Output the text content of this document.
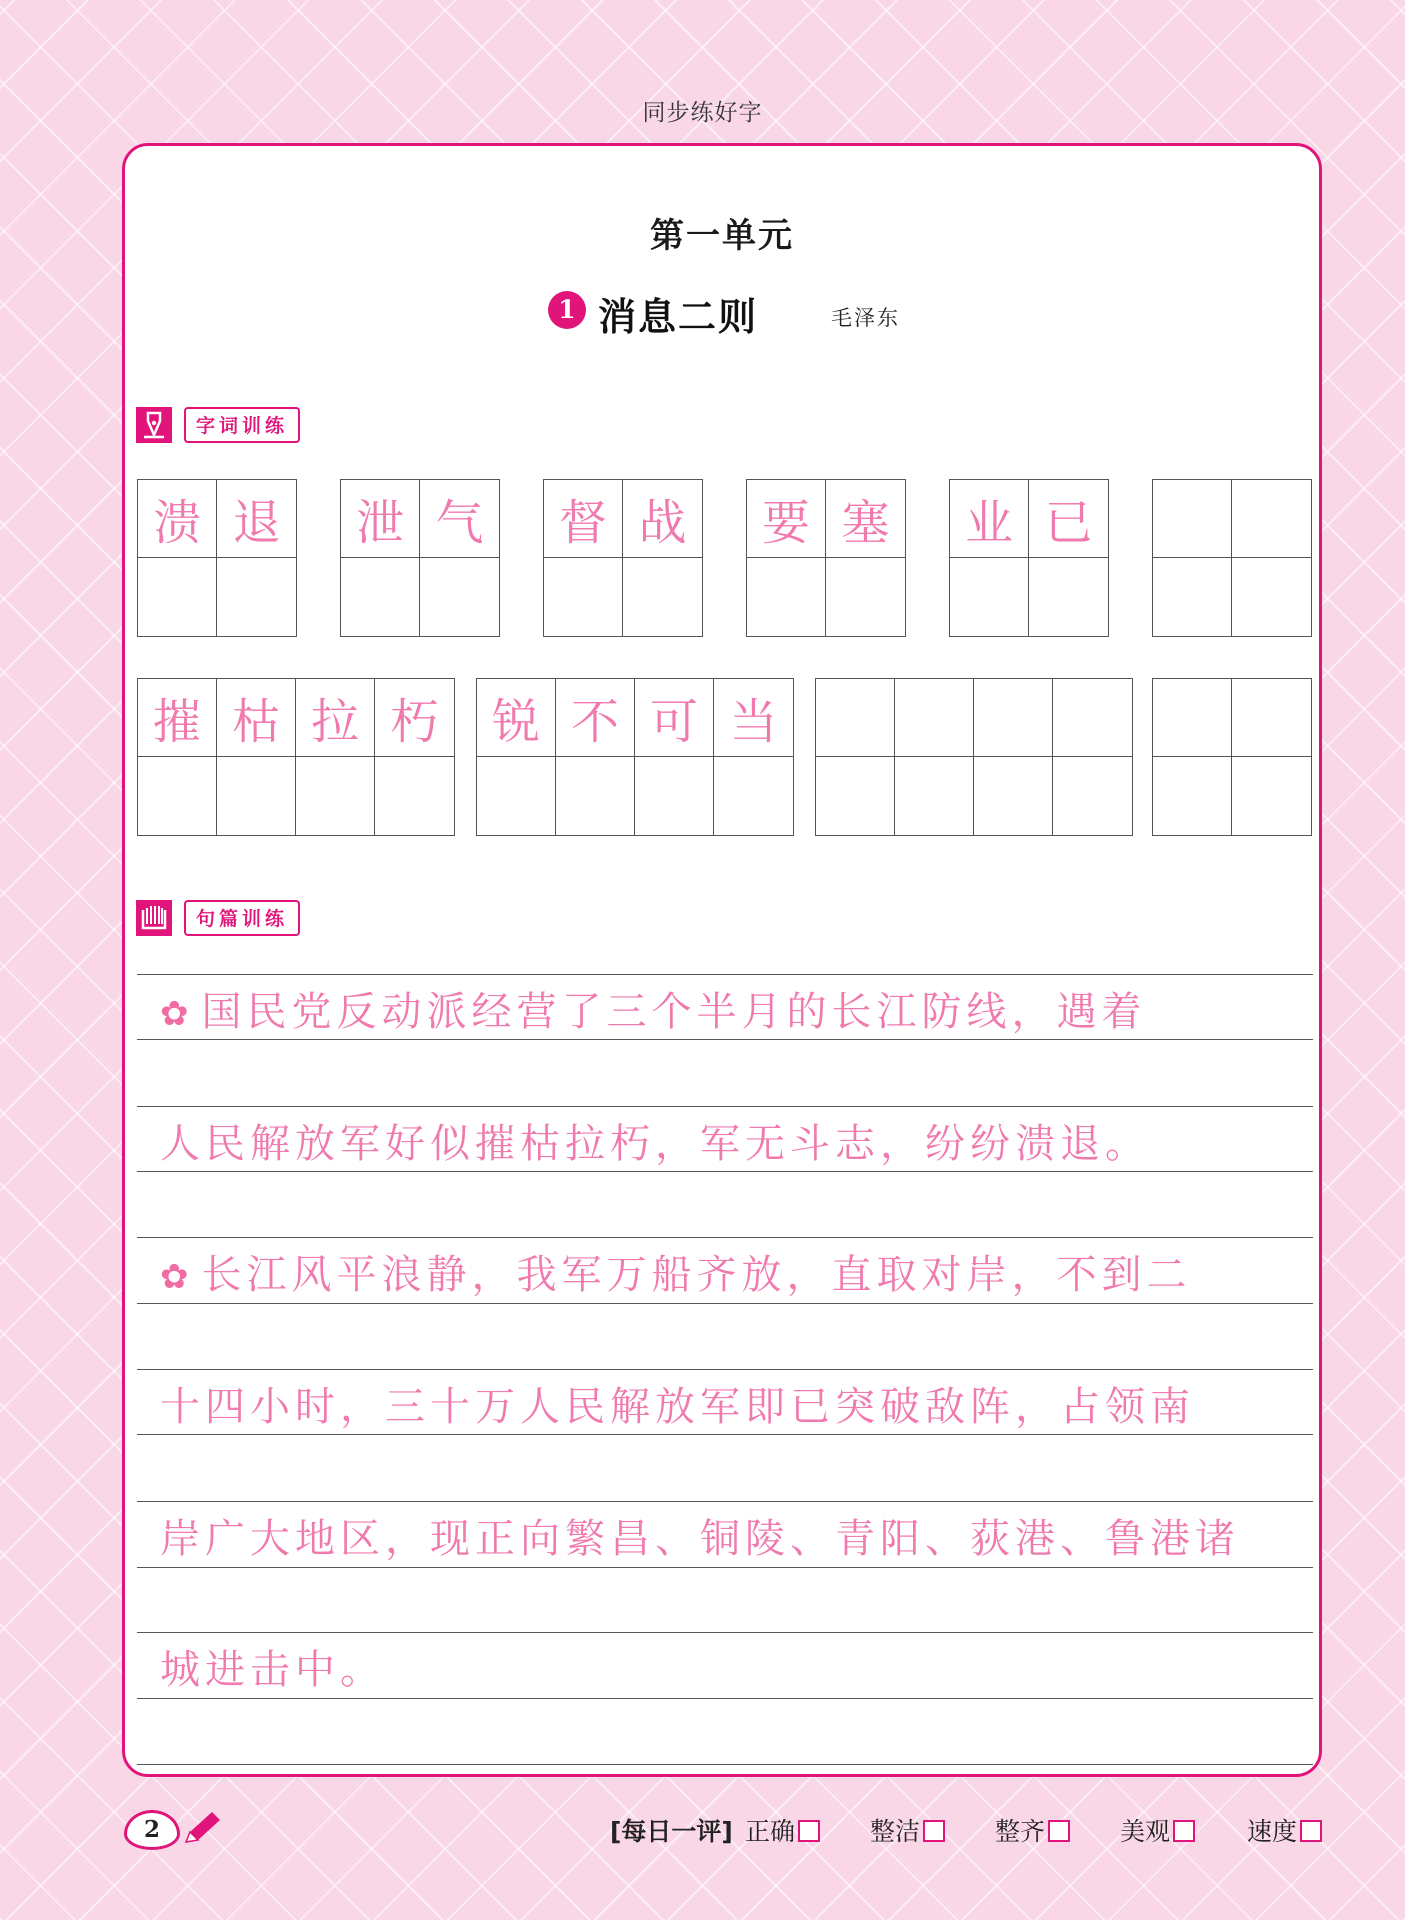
同步练好字
第一单元
1 消息二则	毛泽东
字词训练
溃 退	泄 气	督 战	要 塞	业 已
摧 枯 拉 朽	锐 不 可 当
句篇训练
✿ 国民党反动派经营了三个半月的长江防线，遇着
人民解放军好似摧枯拉朽，军无斗志，纷纷溃退。
✿ 长江风平浪静，我军万船齐放，直取对岸，不到二
十四小时，三十万人民解放军即已突破敌阵，占领南
岸广大地区，现正向繁昌、铜陵、青阳、荻港、鲁港诸
城进击中。
2	[每日一评] 正确	整洁	整齐	美观	速度
